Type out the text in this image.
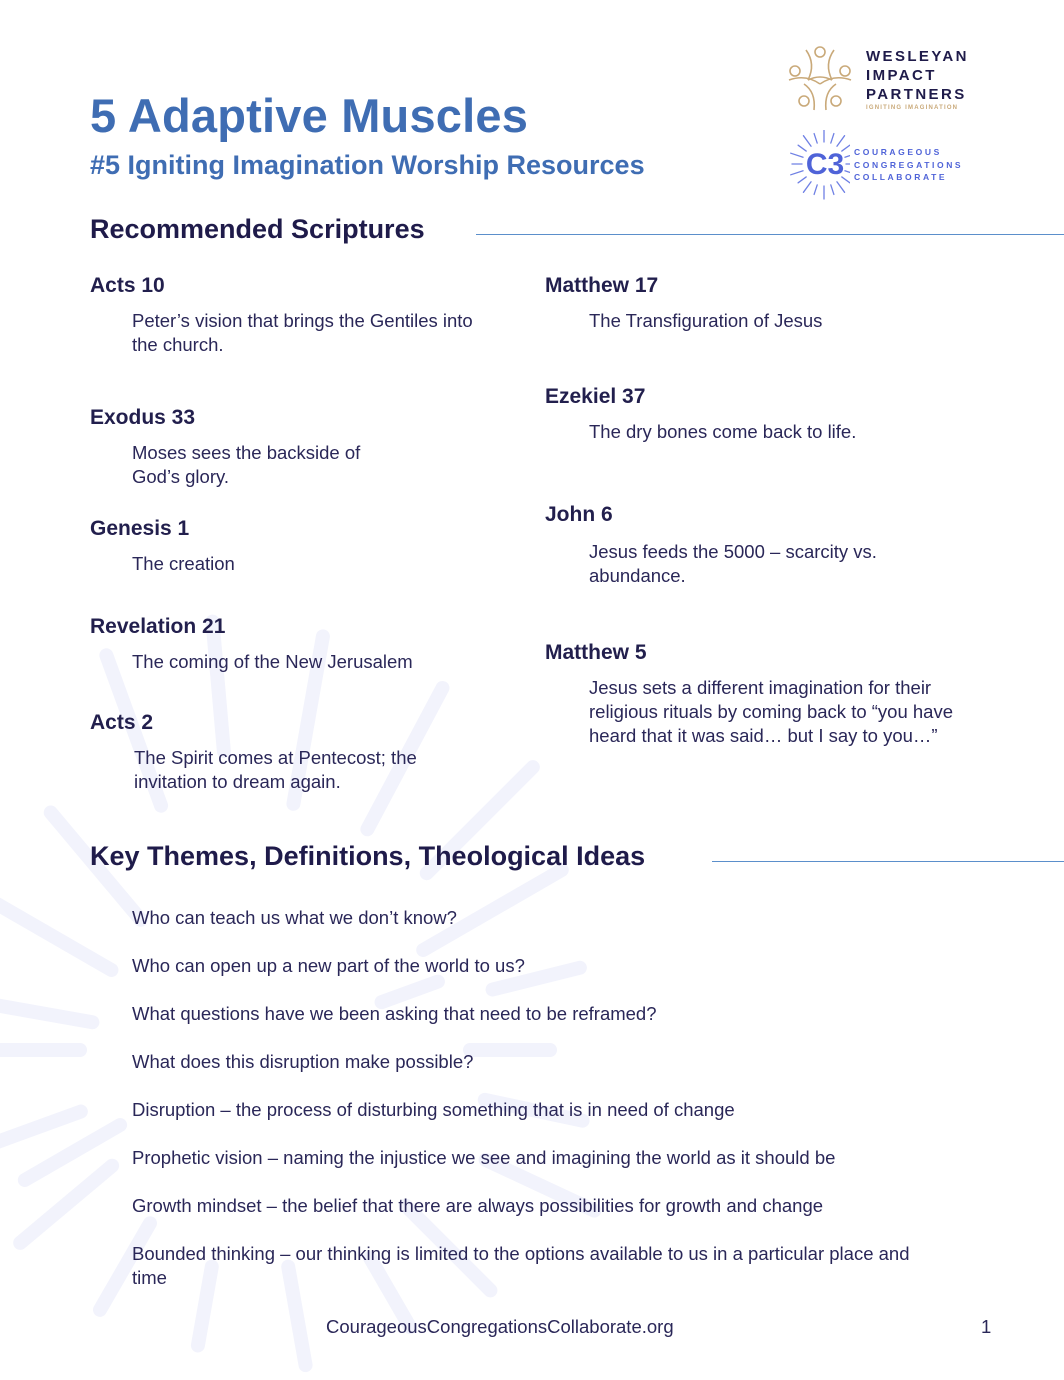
5 Adaptive Muscles
#5 Igniting Imagination Worship Resources
WESLEYAN
IMPACT
PARTNERS
IGNITING IMAGINATION
C3 COURAGEOUS
CONGREGATIONS
COLLABORATE
Recommended Scriptures
Acts 10
Peter’s vision that brings the Gentiles into the church.
Exodus 33
Moses sees the backside of God’s glory.
Genesis 1
The creation
Revelation 21
The coming of the New Jerusalem
Acts 2
The Spirit comes at Pentecost; the invitation to dream again.
Matthew 17
The Transfiguration of Jesus
Ezekiel 37
The dry bones come back to life.
John 6
Jesus feeds the 5000 – scarcity vs. abundance.
Matthew 5
Jesus sets a different imagination for their religious rituals by coming back to “you have heard that it was said… but I say to you…”
Key Themes, Definitions, Theological Ideas
Who can teach us what we don’t know?
Who can open up a new part of the world to us?
What questions have we been asking that need to be reframed?
What does this disruption make possible?
Disruption – the process of disturbing something that is in need of change
Prophetic vision – naming the injustice we see and imagining the world as it should be
Growth mindset – the belief that there are always possibilities for growth and change
Bounded thinking – our thinking is limited to the options available to us in a particular place and time
CourageousCongregationsCollaborate.org	1
